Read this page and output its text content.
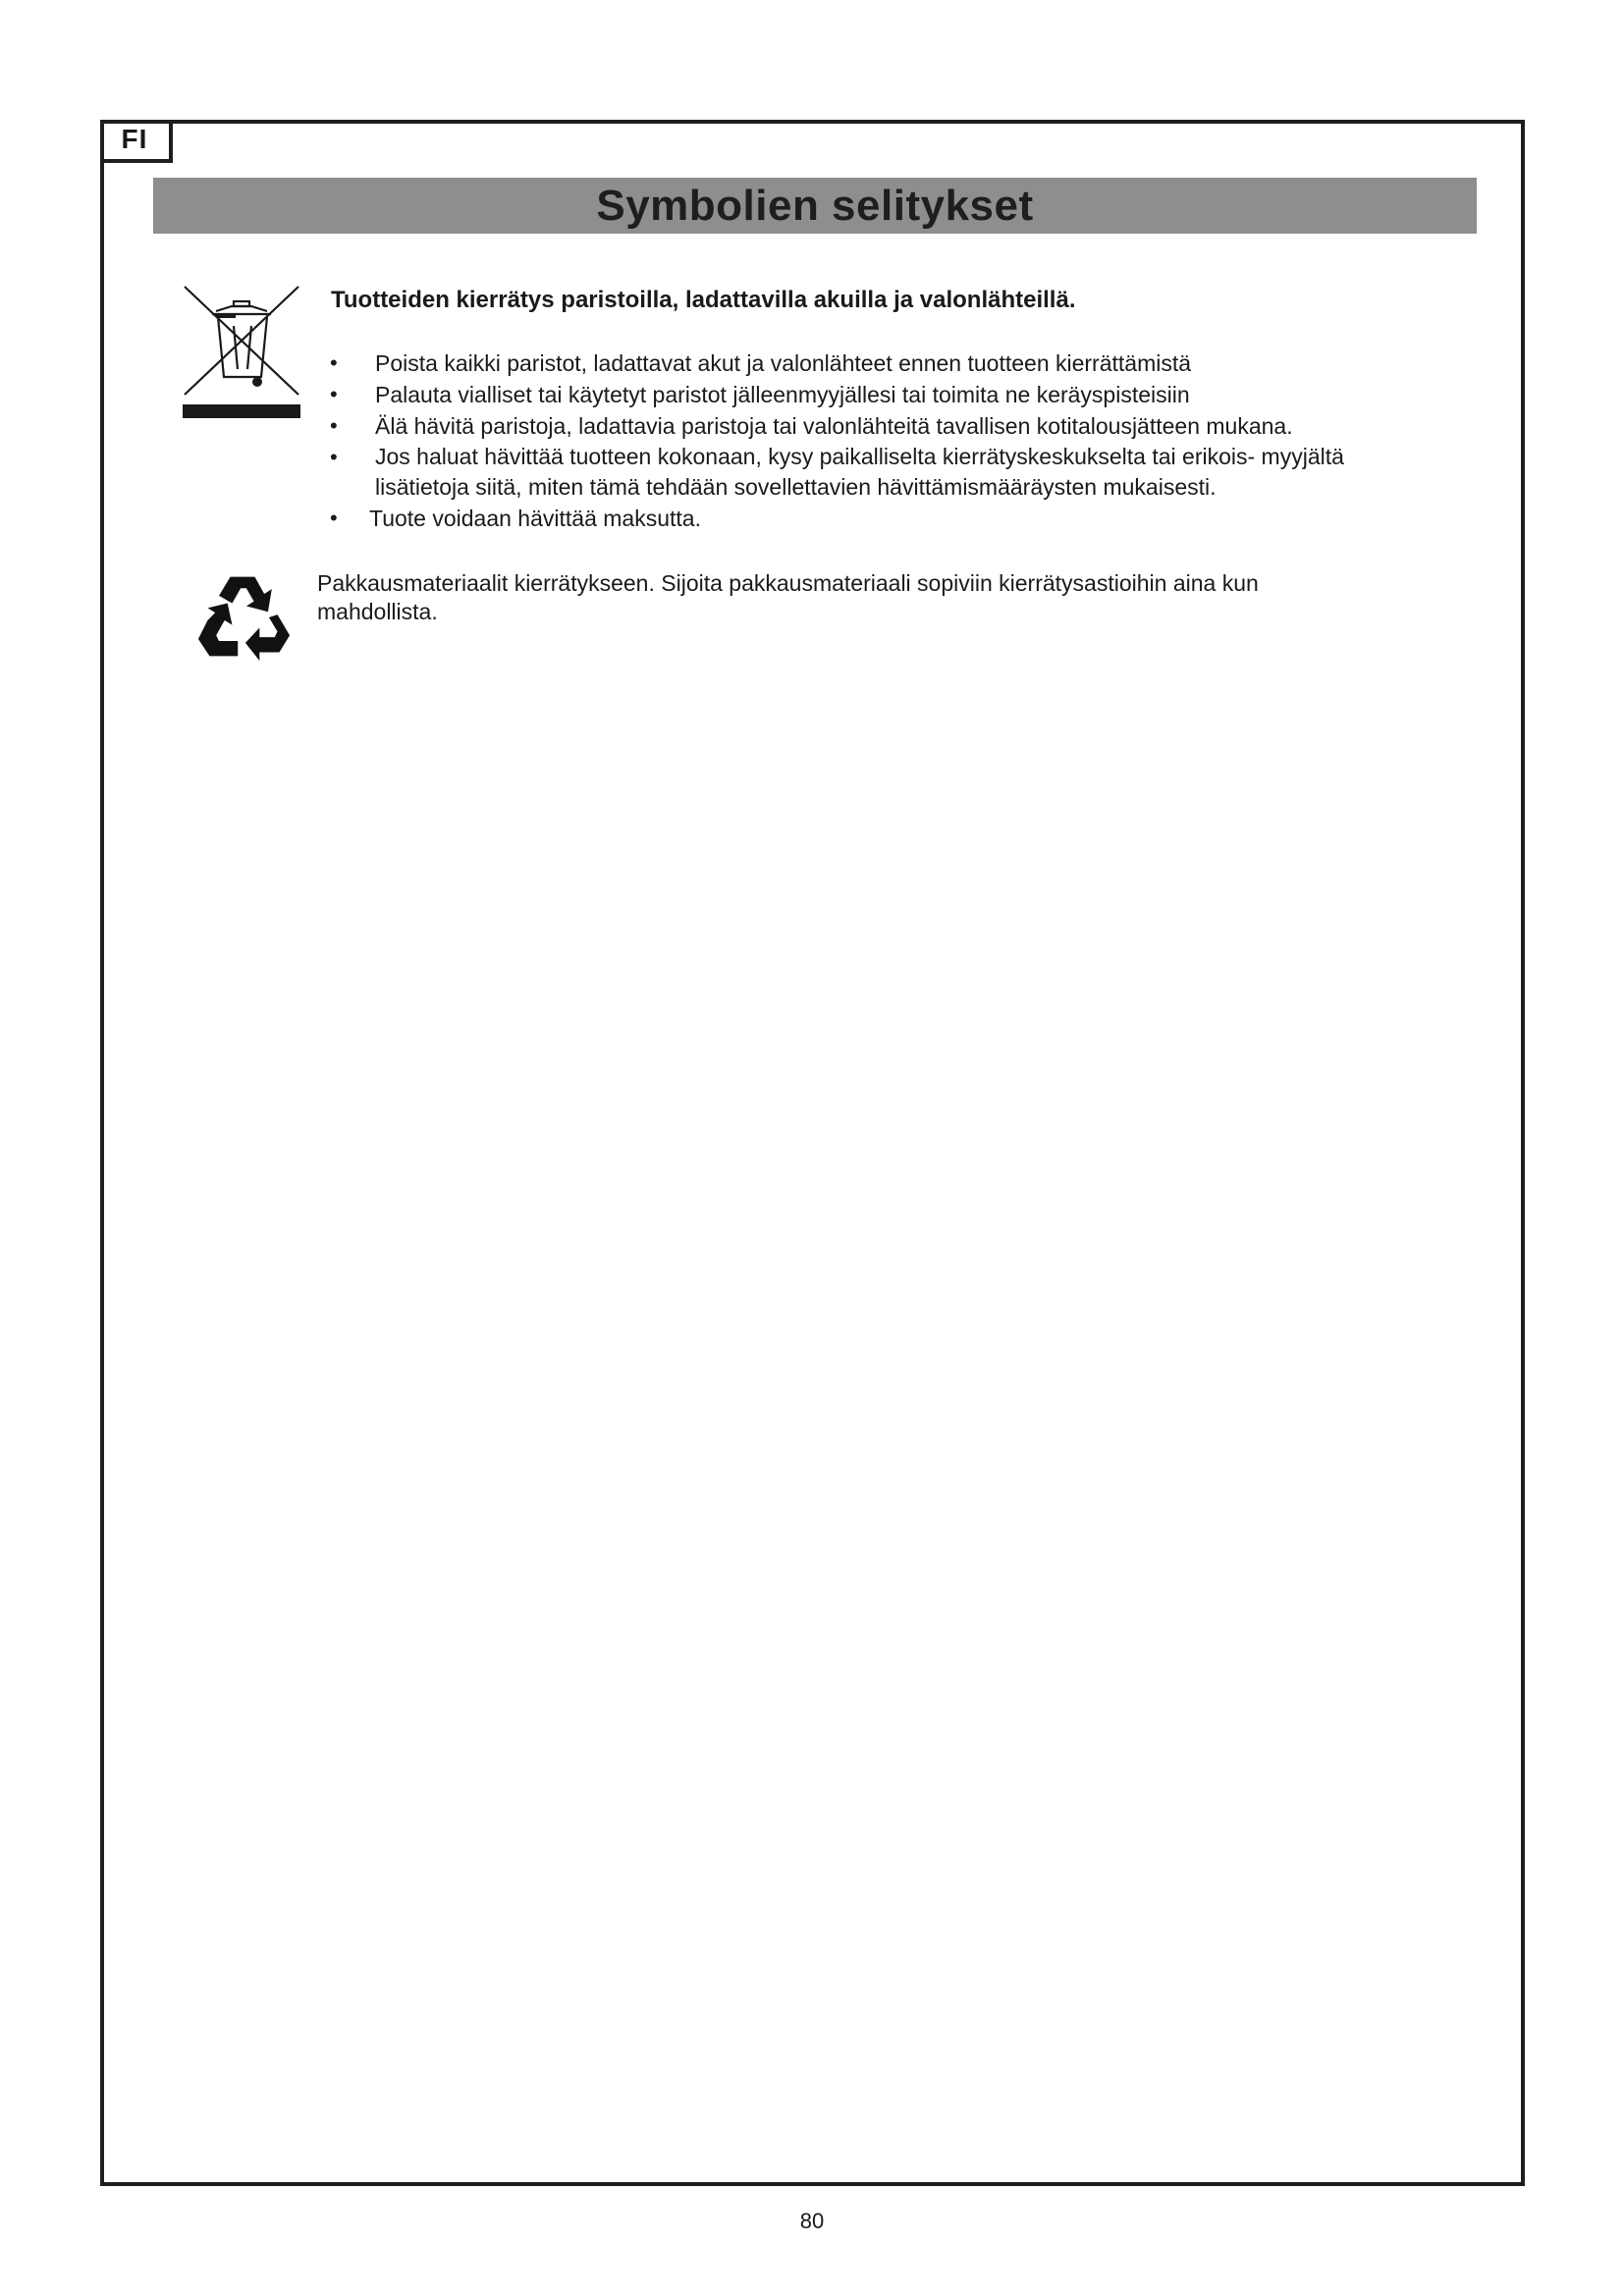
FI
Symbolien selitykset
Tuotteiden kierrätys paristoilla, ladattavilla akuilla ja valonlähteillä.
•	Poista kaikki paristot, ladattavat akut ja valonlähteet ennen tuotteen kierrättämistä
•	Palauta vialliset tai käytetyt paristot jälleenmyyjällesi tai toimita ne keräyspisteisiin
•	Älä hävitä paristoja, ladattavia paristoja tai valonlähteitä tavallisen kotitalousjätteen mukana.
•	Jos haluat hävittää tuotteen kokonaan, kysy paikalliselta kierrätyskeskukselta tai erikois- myyjältä lisätietoja siitä, miten tämä tehdään sovellettavien hävittämismääräysten mukaisesti.
•	Tuote voidaan hävittää maksutta.

Pakkausmateriaalit kierrätykseen. Sijoita pakkausmateriaali sopiviin kierrätysastioihin aina kun mahdollista.

80
